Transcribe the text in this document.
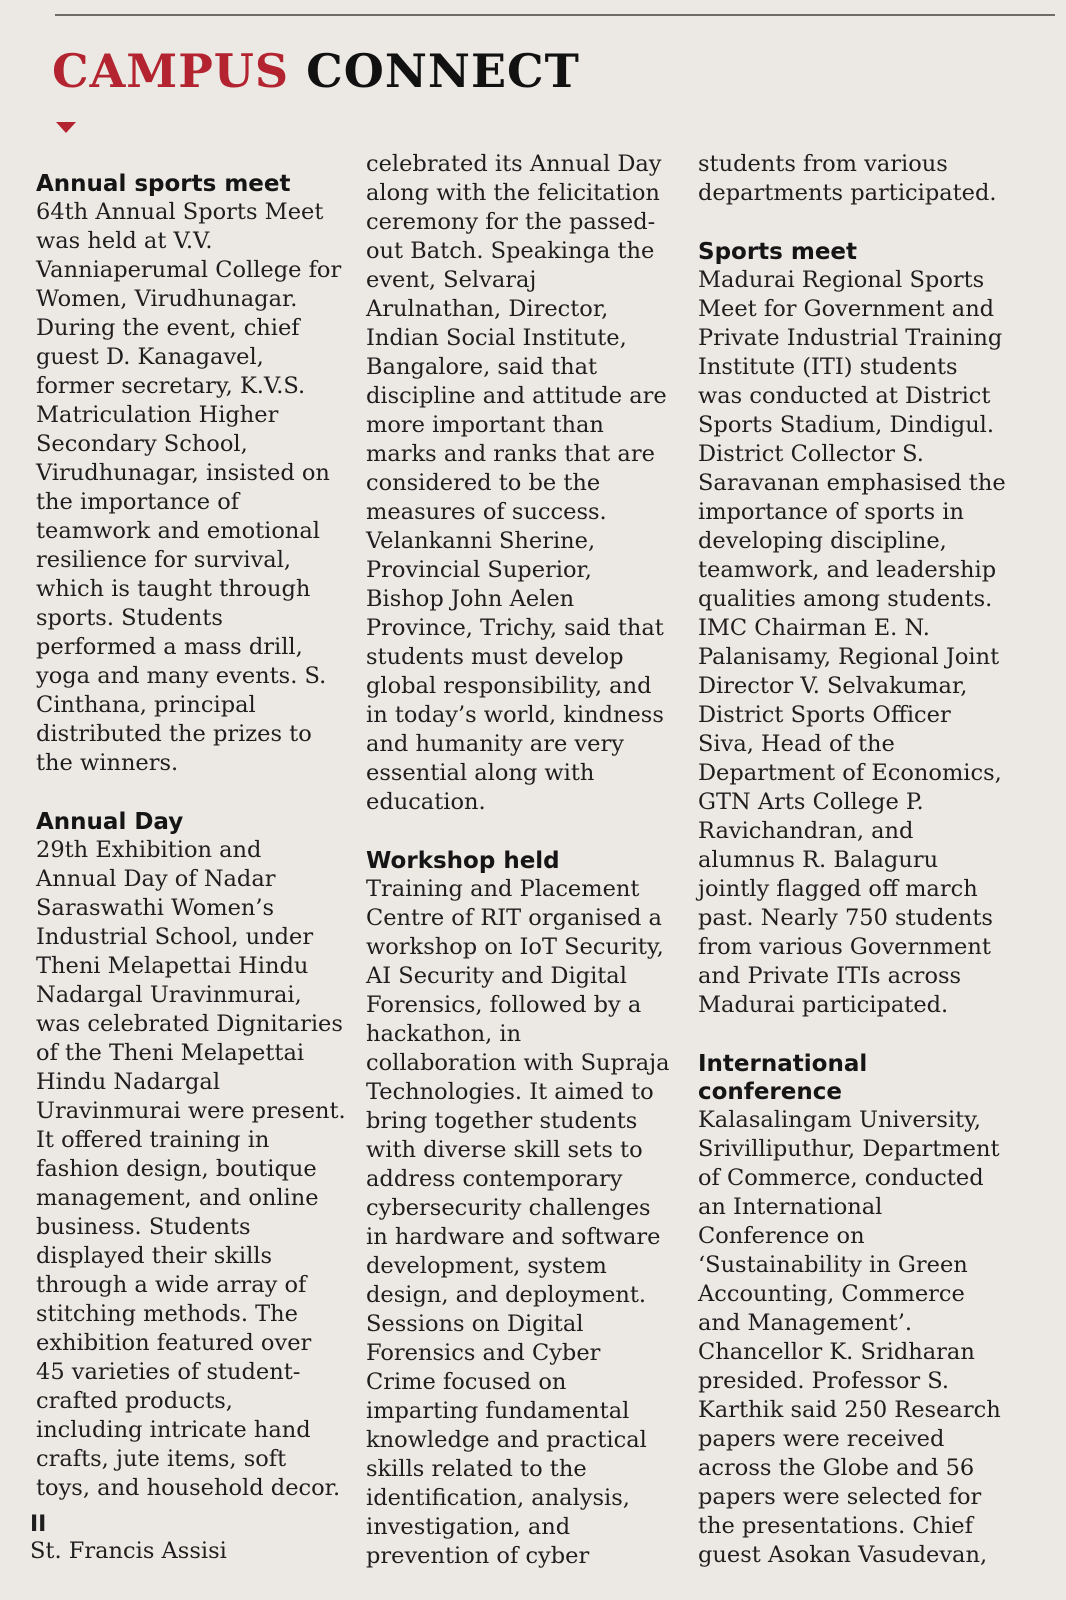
CAMPUS CONNECT
Annual sports meet

64th Annual Sports Meet was held at V.V. Vanniaperumal College for Women, Virudhunagar. During the event, chief guest D. Kanagavel, former secretary, K.V.S. Matriculation Higher Secondary School, Virudhunagar, insisted on the importance of teamwork and emotional resilience for survival, which is taught through sports. Students performed a mass drill, yoga and many events. S. Cinthana, principal distributed the prizes to the winners.

Annual Day

29th Exhibition and Annual Day of Nadar Saraswathi Women’s Industrial School, under Theni Melapettai Hindu Nadargal Uravinmurai, was celebrated Dignitaries of the Theni Melapettai Hindu Nadargal Uravinmurai were present. It offered training in fashion design, boutique management, and online business. Students displayed their skills through a wide array of stitching methods. The exhibition featured over 45 varieties of student-crafted products, including intricate hand crafts, jute items, soft toys, and household decor.

II
St. Francis Assisi

celebrated its Annual Day along with the felicitation ceremony for the passed-out Batch. Speakinga the event, Selvaraj Arulnathan, Director, Indian Social Institute, Bangalore, said that discipline and attitude are more important than marks and ranks that are considered to be the measures of success. Velankanni Sherine, Provincial Superior, Bishop John Aelen Province, Trichy, said that students must develop global responsibility, and in today’s world, kindness and humanity are very essential along with education.

Workshop held

Training and Placement Centre of RIT organised a workshop on IoT Security, AI Security and Digital Forensics, followed by a hackathon, in collaboration with Supraja Technologies. It aimed to bring together students with diverse skill sets to address contemporary cybersecurity challenges in hardware and software development, system design, and deployment. Sessions on Digital Forensics and Cyber Crime focused on imparting fundamental knowledge and practical skills related to the identification, analysis, investigation, and prevention of cyber

students from various departments participated.

Sports meet

Madurai Regional Sports Meet for Government and Private Industrial Training Institute (ITI) students was conducted at District Sports Stadium, Dindigul. District Collector S. Saravanan emphasised the importance of sports in developing discipline, teamwork, and leadership qualities among students. IMC Chairman E. N. Palanisamy, Regional Joint Director V. Selvakumar, District Sports Officer Siva, Head of the Department of Economics, GTN Arts College P. Ravichandran, and alumnus R. Balaguru jointly flagged off march past. Nearly 750 students from various Government and Private ITIs across Madurai participated.

International conference

Kalasalingam University, Srivilliputhur, Department of Commerce, conducted an International Conference on ‘Sustainability in Green Accounting, Commerce and Management’. Chancellor K. Sridharan presided. Professor S. Karthik said 250 Research papers were received across the Globe and 56 papers were selected for the presentations. Chief guest Asokan Vasudevan,
